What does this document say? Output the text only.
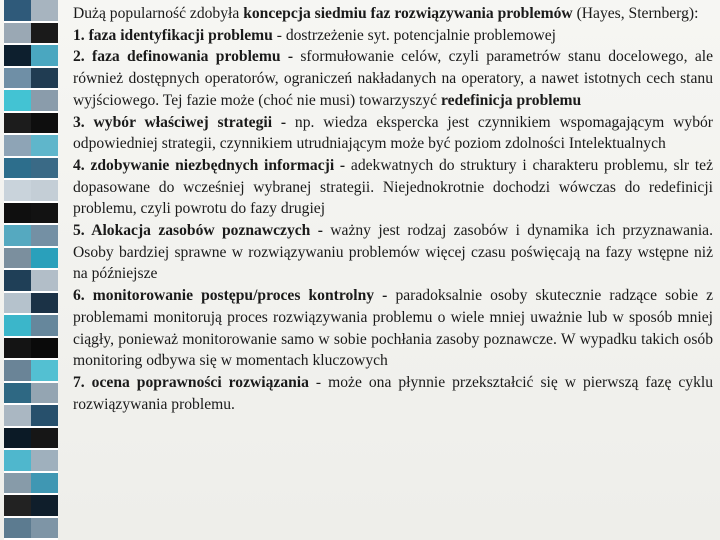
Dużą popularność zdobyła koncepcja siedmiu faz rozwiązywania problemów (Hayes, Sternberg):

1. faza identyfikacji problemu - dostrzeżenie syt. potencjalnie problemowej

2. faza definowania problemu - sformułowanie celów, czyli parametrów stanu docelowego, ale również dostępnych operatorów, ograniczeń nakładanych na operatory, a nawet istotnych cech stanu wyjściowego. Tej fazie może (choć nie musi) towarzyszyć redefinicja problemu

3. wybór właściwej strategii - np. wiedza ekspercka jest czynnikiem wspomagającym wybór odpowiedniej strategii, czynnikiem utrudniającym może być poziom zdolności Intelektualnych

4. zdobywanie niezbędnych informacji - adekwatnych do struktury i charakteru problemu, slr też dopasowane do wcześniej wybranej strategii. Niejednokrotnie dochodzi wówczas do redefinicji problemu, czyli powrotu do fazy drugiej

5. Alokacja zasobów poznawczych - ważny jest rodzaj zasobów i dynamika ich przyznawania. Osoby bardziej sprawne w rozwiązywaniu problemów więcej czasu poświęcają na fazy wstępne niż na późniejsze

6. monitorowanie postępu/proces kontrolny - paradoksalnie osoby skutecznie radzące sobie z problemami monitorują proces rozwiązywania problemu o wiele mniej uważnie lub w sposób mniej ciągły, ponieważ monitorowanie samo w sobie pochłania zasoby poznawcze. W wypadku takich osób monitoring odbywa się w momentach kluczowych

7. ocena poprawności rozwiązania - może ona płynnie przekształcić się w pierwszą fazę cyklu rozwiązywania problemu.
